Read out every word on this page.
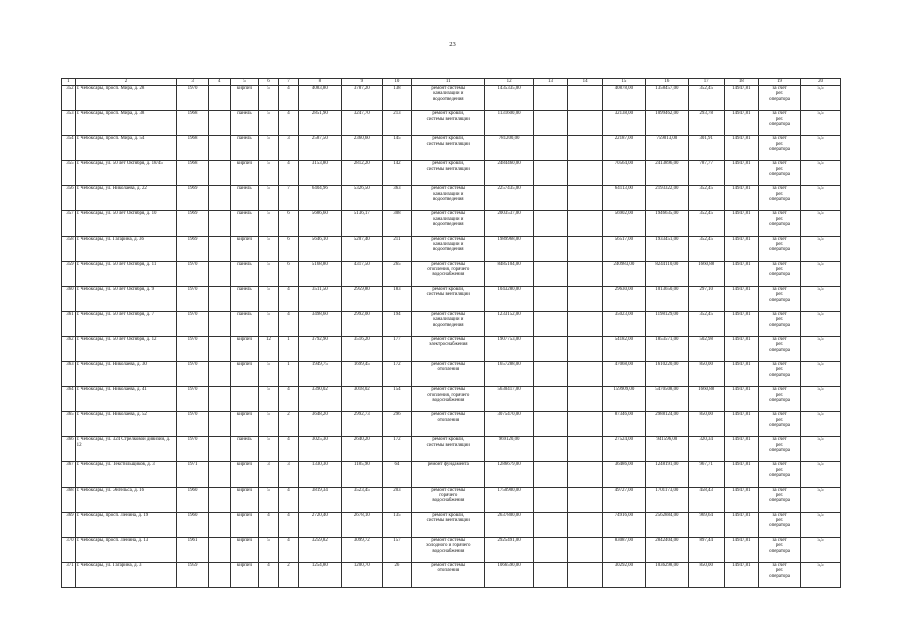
23
1	2	3	4	5	6	7	8	9	10	11	12	13	14	15	16	17	18	19	20
352	г. Чебоксары, просп. Мира, д. 28	1970		кирпич	5	4	4083,80	3787,20	138	ремонт системы
канализации и
водоотведения	1435335,00			40878,00	1358457,00	352,45	14947,81	за счет
рег.
оператора	5,5
353	г. Чебоксары, просп. Мира, д. 38	1968		панель	5	4	2851,90	3247,70	213	ремонт кровли,
системы вентиляции	1131600,00			32138,00	1099462,00	293,78	14947,81	за счет
рег.
оператора	5,5
354	г. Чебоксары, просп. Мира, д. 54	1968		панель	5	3	2587,50	2360,60	145	ремонт кровли,
системы вентиляции	781200,00			22187,00	759013,00	301,91	14947,81	за счет
рег.
оператора	5,5
355	г. Чебоксары, ул. 50 лет Октября, д. 18/45	1968		кирпич	5	4	3153,80	2812,20	142	ремонт кровли,
системы вентиляции	2484460,00			70564,00	2413896,00	787,77	14947,81	за счет
рег.
оператора	5,5
356	г. Чебоксары, ул. Николаева, д. 22	1969		панель	5	7	6404,96	5326,50	363	ремонт системы
канализации и
водоотведения	2257435,00			64113,00	2193322,00	352,45	14947,81	за счет
рег.
оператора	5,5
357	г. Чебоксары, ул. 50 лет Октября, д. 10	1969		панель	5	6	5686,60	5136,17	308	ремонт системы
канализации и
водоотведения	2003537,00			56902,00	1946635,00	352,45	14947,81	за счет
рег.
оператора	5,5
358	г. Чебоксары, ул. Гагарина, д. 36	1969		кирпич	5	6	5646,10	5207,40	211	ремонт системы
канализации и
водоотведения	1989968,00			56517,00	1933451,00	352,45	14947,81	за счет
рег.
оператора	5,5
359	г. Чебоксары, ул. 50 лет Октября, д. 11	1970		панель	5	6	5168,80	4317,50	265	ремонт системы
отопления, горячего
водоснабжения	8485104,00			240983,00	8244110,00	1660,88	14947,81	за счет
рег.
оператора	5,5
360	г. Чебоксары, ул. 50 лет Октября, д. 9	1970		панель	5	4	3511,50	2959,80	183	ремонт кровли,
системы вентиляции	1043280,00			29630,00	1013650,00	297,10	14947,81	за счет
рег.
оператора	5,5
361	г. Чебоксары, ул. 50 лет Октября, д. 7	1970		панель	5	4	3498,60	2992,00	194	ремонт системы
канализации и
водоотведения	1233152,00			35023,00	1198129,00	352,45	14947,81	за счет
рег.
оператора	5,5
362	г. Чебоксары, ул. 50 лет Октября, д. 12	1970		кирпич	12	1	3792,90	3516,20	177	ремонт системы
электроснабжения	1907753,00			54182,00	1853571,00	502,98	14947,81	за счет
рег.
оператора	5,5
363	г. Чебоксары, ул. Николаева, д. 30	1970		кирпич	5	1	1949,75	1699,45	172	ремонт системы
отопления	1657288,00			47068,00	1610220,00	850,00	14947,81	за счет
рег.
оператора	5,5
364	г. Чебоксары, ул. Николаева, д. 41	1970			5	4	3390,02	3018,02	154	ремонт системы
отопления, горячего
водоснабжения	5630417,00			159909,00	5470508,00	1660,88	14947,81	за счет
рег.
оператора	5,5
365	г. Чебоксары, ул. Николаева, д. 52	1970		кирпич	5	2	3648,20	2992,73	296	ремонт системы
отопления	3075470,00			87346,00	2988124,00	850,00	14947,81	за счет
рег.
оператора	5,5
366	г. Чебоксары, ул. 324 Стрелковой дивизии, д. 12	1970		панель	5	4	3025,30	2640,20	172	ремонт кровли,
системы вентиляции	969120,00			27524,00	941596,00	320,34	14947,81	за счет
рег.
оператора	5,5
367	г. Чебоксары, ул. Текстильщиков, д. 3	1971		кирпич	3	3	1330,30	1185,90	64	ремонт фундамента	1286679,00			36486,00	1248191,00	967,71	14947,81	за счет
рег.
оператора	5,5
368	г. Чебоксары, ул. Энгельса, д. 16	1960		кирпич	5	4	3819,34	3523,45	203	ремонт системы
горячего
водоснабжения	1750900,00			49727,00	1701173,00	458,43	14947,81	за счет
рег.
оператора	5,5
369	г. Чебоксары, просп. Ленина, д. 19	1960		кирпич	4	4	2720,40	2678,10	135	ремонт кровли,
системы вентиляции	2637800,00			74916,00	2562884,00	969,64	14947,81	за счет
рег.
оператора	5,5
370	г. Чебоксары, просп. Ленина, д. 13	1961		кирпич	5	4	3259,82	3099,72	157	ремонт системы
холодного и горячего
водоснабжения	2925491,00			83087,00	2842404,00	897,44	14947,81	за счет
рег.
оператора	5,5
371	г. Чебоксары, ул. Гагарина, д. 3	1959		кирпич	4	2	1254,80	1200,70	26	ремонт системы
отопления	1066590,00			30292,00	1036298,00	850,00	14947,81	за счет
рег.
оператора	5,5
